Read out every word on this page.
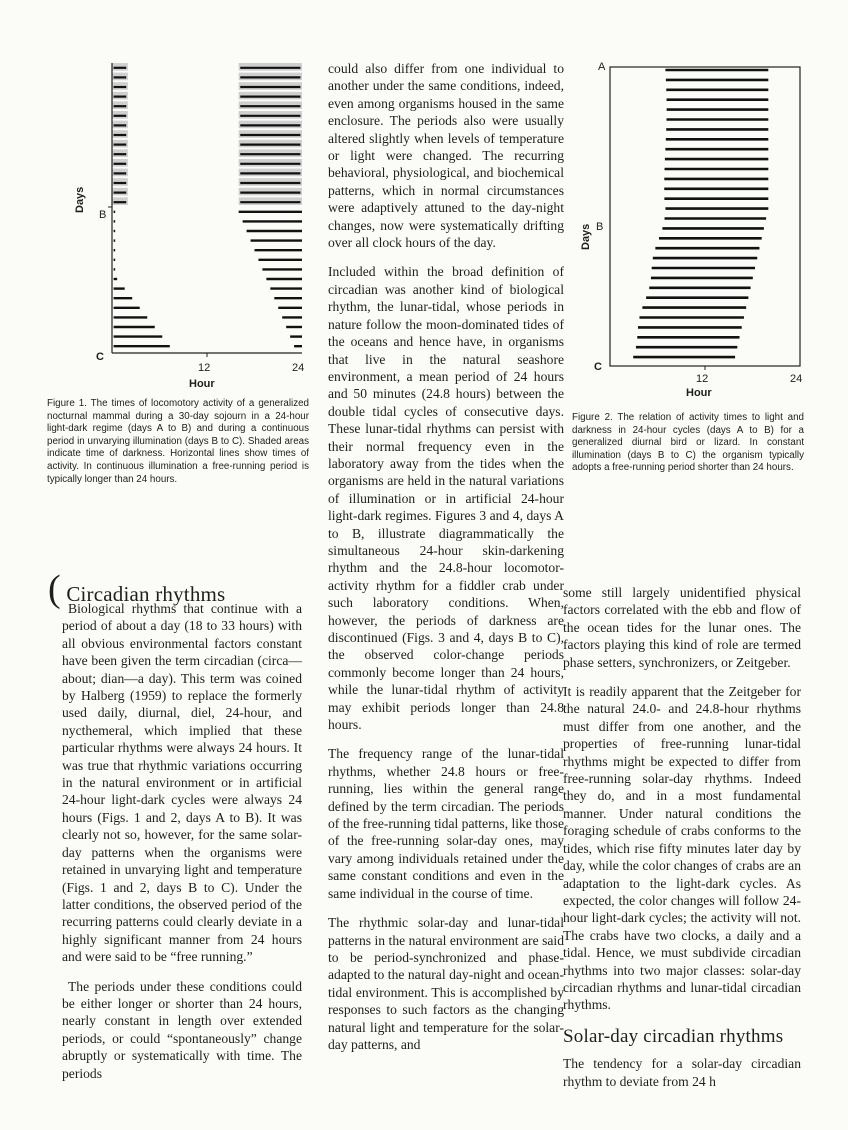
Days
B
C
12	24
Hour
Figure 1. The times of locomotory activity of a generalized nocturnal mammal during a 30-day sojourn in a 24-hour light-dark regime (days A to B) and during a continuous period in unvarying illumination (days B to C). Shaded areas indicate time of darkness. Horizontal lines show times of activity. In continuous illumination a free-running period is typically longer than 24 hours.
A
Days B
C
12	24
Hour
Figure 2. The relation of activity times to light and darkness in 24-hour cycles (days A to B) for a generalized diurnal bird or lizard. In constant illumination (days B to C) the organism typically adopts a free-running period shorter than 24 hours.

could also differ from one individual to another under the same conditions, indeed, even among organisms housed in the same enclosure. The periods also were usually altered slightly when levels of temperature or light were changed. The recurring behavioral, physiological, and biochemical patterns, which in normal circumstances were adaptively attuned to the day-night changes, now were systematically drifting over all clock hours of the day.

Included within the broad definition of circadian was another kind of biological rhythm, the lunar-tidal, whose periods in nature follow the moon-dominated tides of the oceans and hence have, in organisms that live in the natural seashore environment, a mean period of 24 hours and 50 minutes (24.8 hours) between the double tidal cycles of consecutive days. These lunar-tidal rhythms can persist with their normal frequency even in the laboratory away from the tides when the organisms are held in the natural variations of illumination or in artificial 24-hour light-dark regimes. Figures 3 and 4, days A to B, illustrate diagrammatically the simultaneous 24-hour skin-darkening rhythm and the 24.8-hour locomotor-activity rhythm for a fiddler crab under such laboratory conditions. When, however, the periods of darkness are discontinued (Figs. 3 and 4, days B to C), the observed color-change periods commonly become longer than 24 hours, while the lunar-tidal rhythm of activity may exhibit periods longer than 24.8 hours.

The frequency range of the lunar-tidal rhythms, whether 24.8 hours or free-running, lies within the general range defined by the term circadian. The periods of the free-running tidal patterns, like those of the free-running solar-day ones, may vary among individuals retained under the same constant conditions and even in the same individual in the course of time.

The rhythmic solar-day and lunar-tidal patterns in the natural environment are said to be period-synchronized and phase-adapted to the natural day-night and ocean-tidal environment. This is accomplished by responses to such factors as the changing natural light and temperature for the solar-day patterns, and

( Circadian rhythms

Biological rhythms that continue with a period of about a day (18 to 33 hours) with all obvious environmental factors constant have been given the term circadian (circa—about; dian—a day). This term was coined by Halberg (1959) to replace the formerly used daily, diurnal, diel, 24-hour, and nycthemeral, which implied that these particular rhythms were always 24 hours. It was true that rhythmic variations occurring in the natural environment or in artificial 24-hour light-dark cycles were always 24 hours (Figs. 1 and 2, days A to B). It was clearly not so, however, for the same solar-day patterns when the organisms were retained in unvarying light and temperature (Figs. 1 and 2, days B to C). Under the latter conditions, the observed period of the recurring patterns could clearly deviate in a highly significant manner from 24 hours and were said to be “free running.”

The periods under these conditions could be either longer or shorter than 24 hours, nearly constant in length over extended periods, or could “spontaneously” change abruptly or systematically with time. The periods

some still largely unidentified physical factors correlated with the ebb and flow of the ocean tides for the lunar ones. The factors playing this kind of role are termed phase setters, synchronizers, or Zeitgeber.

It is readily apparent that the Zeitgeber for the natural 24.0- and 24.8-hour rhythms must differ from one another, and the properties of free-running lunar-tidal rhythms might be expected to differ from free-running solar-day rhythms. Indeed they do, and in a most fundamental manner. Under natural conditions the foraging schedule of crabs conforms to the tides, which rise fifty minutes later day by day, while the color changes of crabs are an adaptation to the light-dark cycles. As expected, the color changes will follow 24-hour light-dark cycles; the activity will not. The crabs have two clocks, a daily and a tidal. Hence, we must subdivide circadian rhythms into two major classes: solar-day circadian rhythms and lunar-tidal circadian rhythms.

Solar-day circadian rhythms

The tendency for a solar-day circadian rhythm to deviate from 24 h
